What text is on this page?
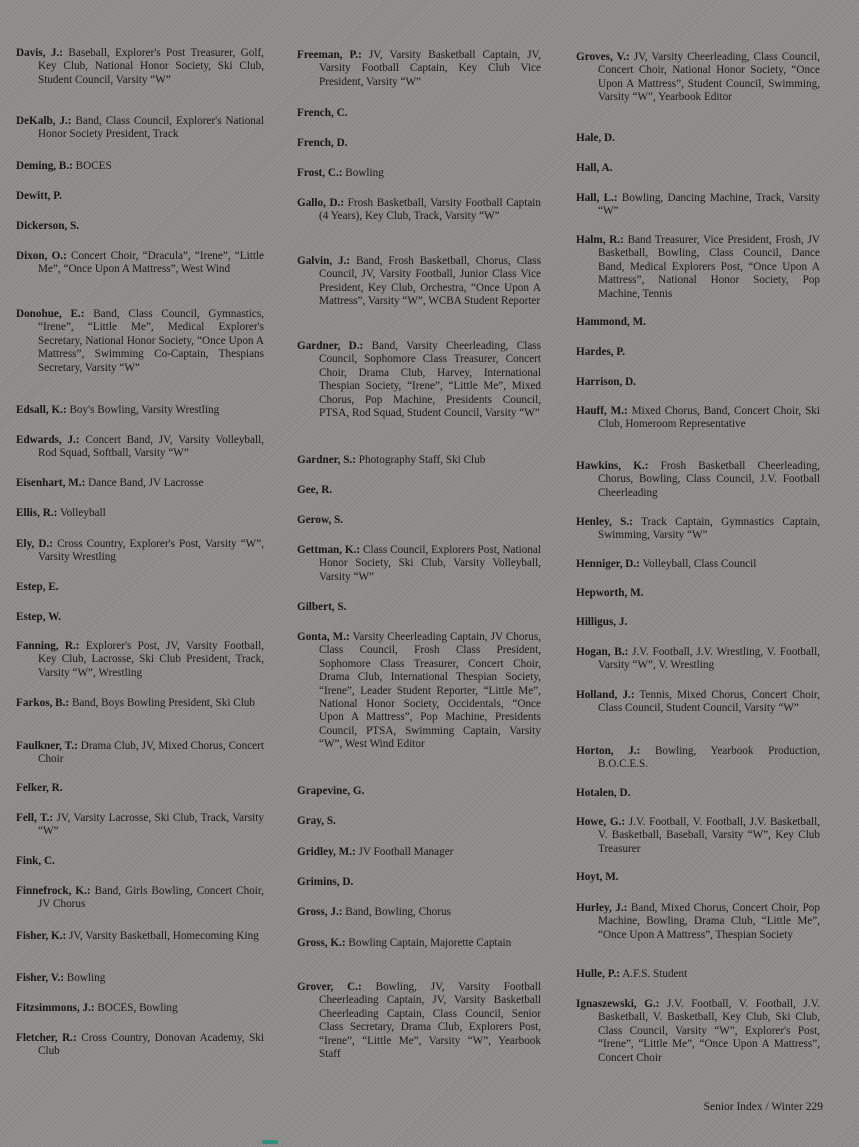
Davis, J.: Baseball, Explorer's Post Treasurer, Golf, Key Club, National Honor Society, Ski Club, Student Council, Varsity “W”
DeKalb, J.: Band, Class Council, Explorer's National Honor Society President, Track
Deming, B.: BOCES
Dewitt, P.
Dickerson, S.
Dixon, O.: Concert Choir, “Dracula”, “Irene”, “Little Me”, “Once Upon A Mattress”, West Wind
Donohue, E.: Band, Class Council, Gymnastics, “Irene”, “Little Me”, Medical Explorer's Secretary, National Honor Society, “Once Upon A Mattress”, Swimming Co-Captain, Thespians Secretary, Varsity “W”
Edsall, K.: Boy's Bowling, Varsity Wrestling
Edwards, J.: Concert Band, JV, Varsity Volleyball, Rod Squad, Softball, Varsity “W”
Eisenhart, M.: Dance Band, JV Lacrosse
Ellis, R.: Volleyball
Ely, D.: Cross Country, Explorer's Post, Varsity “W”, Varsity Wrestling
Estep, E.
Estep, W.
Fanning, R.: Explorer's Post, JV, Varsity Football, Key Club, Lacrosse, Ski Club President, Track, Varsity “W”, Wrestling
Farkos, B.: Band, Boys Bowling President, Ski Club
Faulkner, T.: Drama Club, JV, Mixed Chorus, Concert Choir
Felker, R.
Fell, T.: JV, Varsity Lacrosse, Ski Club, Track, Varsity “W”
Fink, C.
Finnefrock, K.: Band, Girls Bowling, Concert Choir, JV Chorus
Fisher, K.: JV, Varsity Basketball, Homecoming King
Fisher, V.: Bowling
Fitzsimmons, J.: BOCES, Bowling
Fletcher, R.: Cross Country, Donovan Academy, Ski Club
Freeman, P.: JV, Varsity Basketball Captain, JV, Varsity Football Captain, Key Club Vice President, Varsity “W”
French, C.
French, D.
Frost, C.: Bowling
Gallo, D.: Frosh Basketball, Varsity Football Captain (4 Years), Key Club, Track, Varsity “W”
Galvin, J.: Band, Frosh Basketball, Chorus, Class Council, JV, Varsity Football, Junior Class Vice President, Key Club, Orchestra, “Once Upon A Mattress”, Varsity “W”, WCBA Student Reporter
Gardner, D.: Band, Varsity Cheerleading, Class Council, Sophomore Class Treasurer, Concert Choir, Drama Club, Harvey, International Thespian Society, “Irene”, “Little Me”, Mixed Chorus, Pop Machine, Presidents Council, PTSA, Rod Squad, Student Council, Varsity “W”
Gardner, S.: Photography Staff, Ski Club
Gee, R.
Gerow, S.
Gettman, K.: Class Council, Explorers Post, National Honor Society, Ski Club, Varsity Volleyball, Varsity “W”
Gilbert, S.
Gonta, M.: Varsity Cheerleading Captain, JV Chorus, Class Council, Frosh Class President, Sophomore Class Treasurer, Concert Choir, Drama Club, International Thespian Society, “Irene”, Leader Student Reporter, “Little Me”, National Honor Society, Occidentals, “Once Upon A Mattress”, Pop Machine, Presidents Council, PTSA, Swimming Captain, Varsity “W”, West Wind Editor
Grapevine, G.
Gray, S.
Gridley, M.: JV Football Manager
Grimins, D.
Gross, J.: Band, Bowling, Chorus
Gross, K.: Bowling Captain, Majorette Captain
Grover, C.: Bowling, JV, Varsity Football Cheerleading Captain, JV, Varsity Basketball Cheerleading Captain, Class Council, Senior Class Secretary, Drama Club, Explorers Post, “Irene”, “Little Me”, Varsity “W”, Yearbook Staff
Groves, V.: JV, Varsity Cheerleading, Class Council, Concert Choir, National Honor Society, “Once Upon A Mattress”, Student Council, Swimming, Varsity “W”, Yearbook Editor
Hale, D.
Hall, A.
Hall, L.: Bowling, Dancing Machine, Track, Varsity “W”
Halm, R.: Band Treasurer, Vice President, Frosh, JV Basketball, Bowling, Class Council, Dance Band, Medical Explorers Post, “Once Upon A Mattress”, National Honor Society, Pop Machine, Tennis
Hammond, M.
Hardes, P.
Harrison, D.
Hauff, M.: Mixed Chorus, Band, Concert Choir, Ski Club, Homeroom Representative
Hawkins, K.: Frosh Basketball Cheerleading, Chorus, Bowling, Class Council, J.V. Football Cheerleading
Henley, S.: Track Captain, Gymnastics Captain, Swimming, Varsity “W”
Henniger, D.: Volleyball, Class Council
Hepworth, M.
Hilligus, J.
Hogan, B.: J.V. Football, J.V. Wrestling, V. Football, Varsity “W”, V. Wrestling
Holland, J.: Tennis, Mixed Chorus, Concert Choir, Class Council, Student Council, Varsity “W”
Horton, J.: Bowling, Yearbook Production, B.O.C.E.S.
Hotalen, D.
Howe, G.: J.V. Football, V. Football, J.V. Basketball, V. Basketball, Baseball, Varsity “W”, Key Club Treasurer
Hoyt, M.
Hurley, J.: Band, Mixed Chorus, Concert Choir, Pop Machine, Bowling, Drama Club, “Little Me”, “Once Upon A Mattress”, Thespian Society
Hulle, P.: A.F.S. Student
Ignaszewski, G.: J.V. Football, V. Football, J.V. Basketball, V. Basketball, Key Club, Ski Club, Class Council, Varsity “W”, Explorer's Post, “Irene”, “Little Me”, “Once Upon A Mattress”, Concert Choir
Senior Index / Winter 229
